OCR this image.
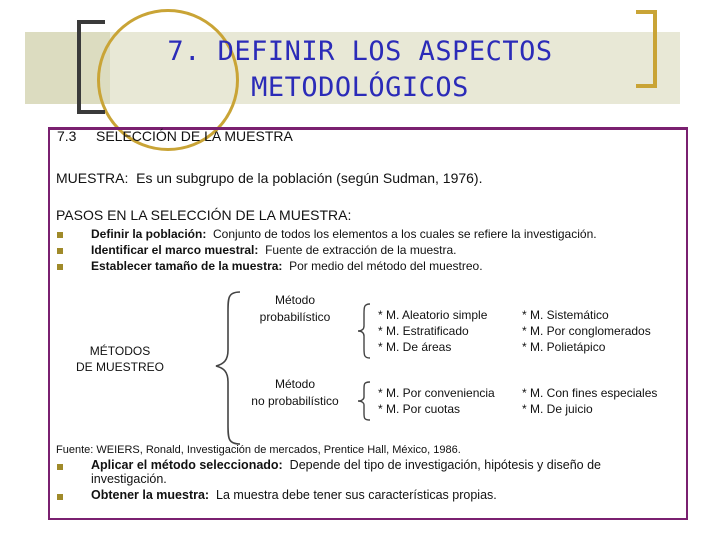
7. DEFINIR LOS ASPECTOS
METODOLÓGICOS
7.3 SELECCIÓN DE LA MUESTRA
MUESTRA: Es un subgrupo de la población (según Sudman, 1976).
PASOS EN LA SELECCIÓN DE LA MUESTRA:
Definir la población: Conjunto de todos los elementos a los cuales se refiere la investigación.
Identificar el marco muestral: Fuente de extracción de la muestra.
Establecer tamaño de la muestra: Por medio del método del muestreo.
MÉTODOS
DE MUESTREO
Método
probabilístico	* M. Aleatorio simple
* M. Estratificado
* M. De áreas
* M. Sistemático
* M. Por conglomerados
* M. Polietápico
Método
no probabilístico
* M. Por conveniencia
* M. Por cuotas
* M. Con fines especiales
* M. De juicio
Fuente: WEIERS, Ronald, Investigación de mercados, Prentice Hall, México, 1986.
Aplicar el método seleccionado: Depende del tipo de investigación, hipótesis y diseño de
investigación.
Obtener la muestra: La muestra debe tener sus características propias.
